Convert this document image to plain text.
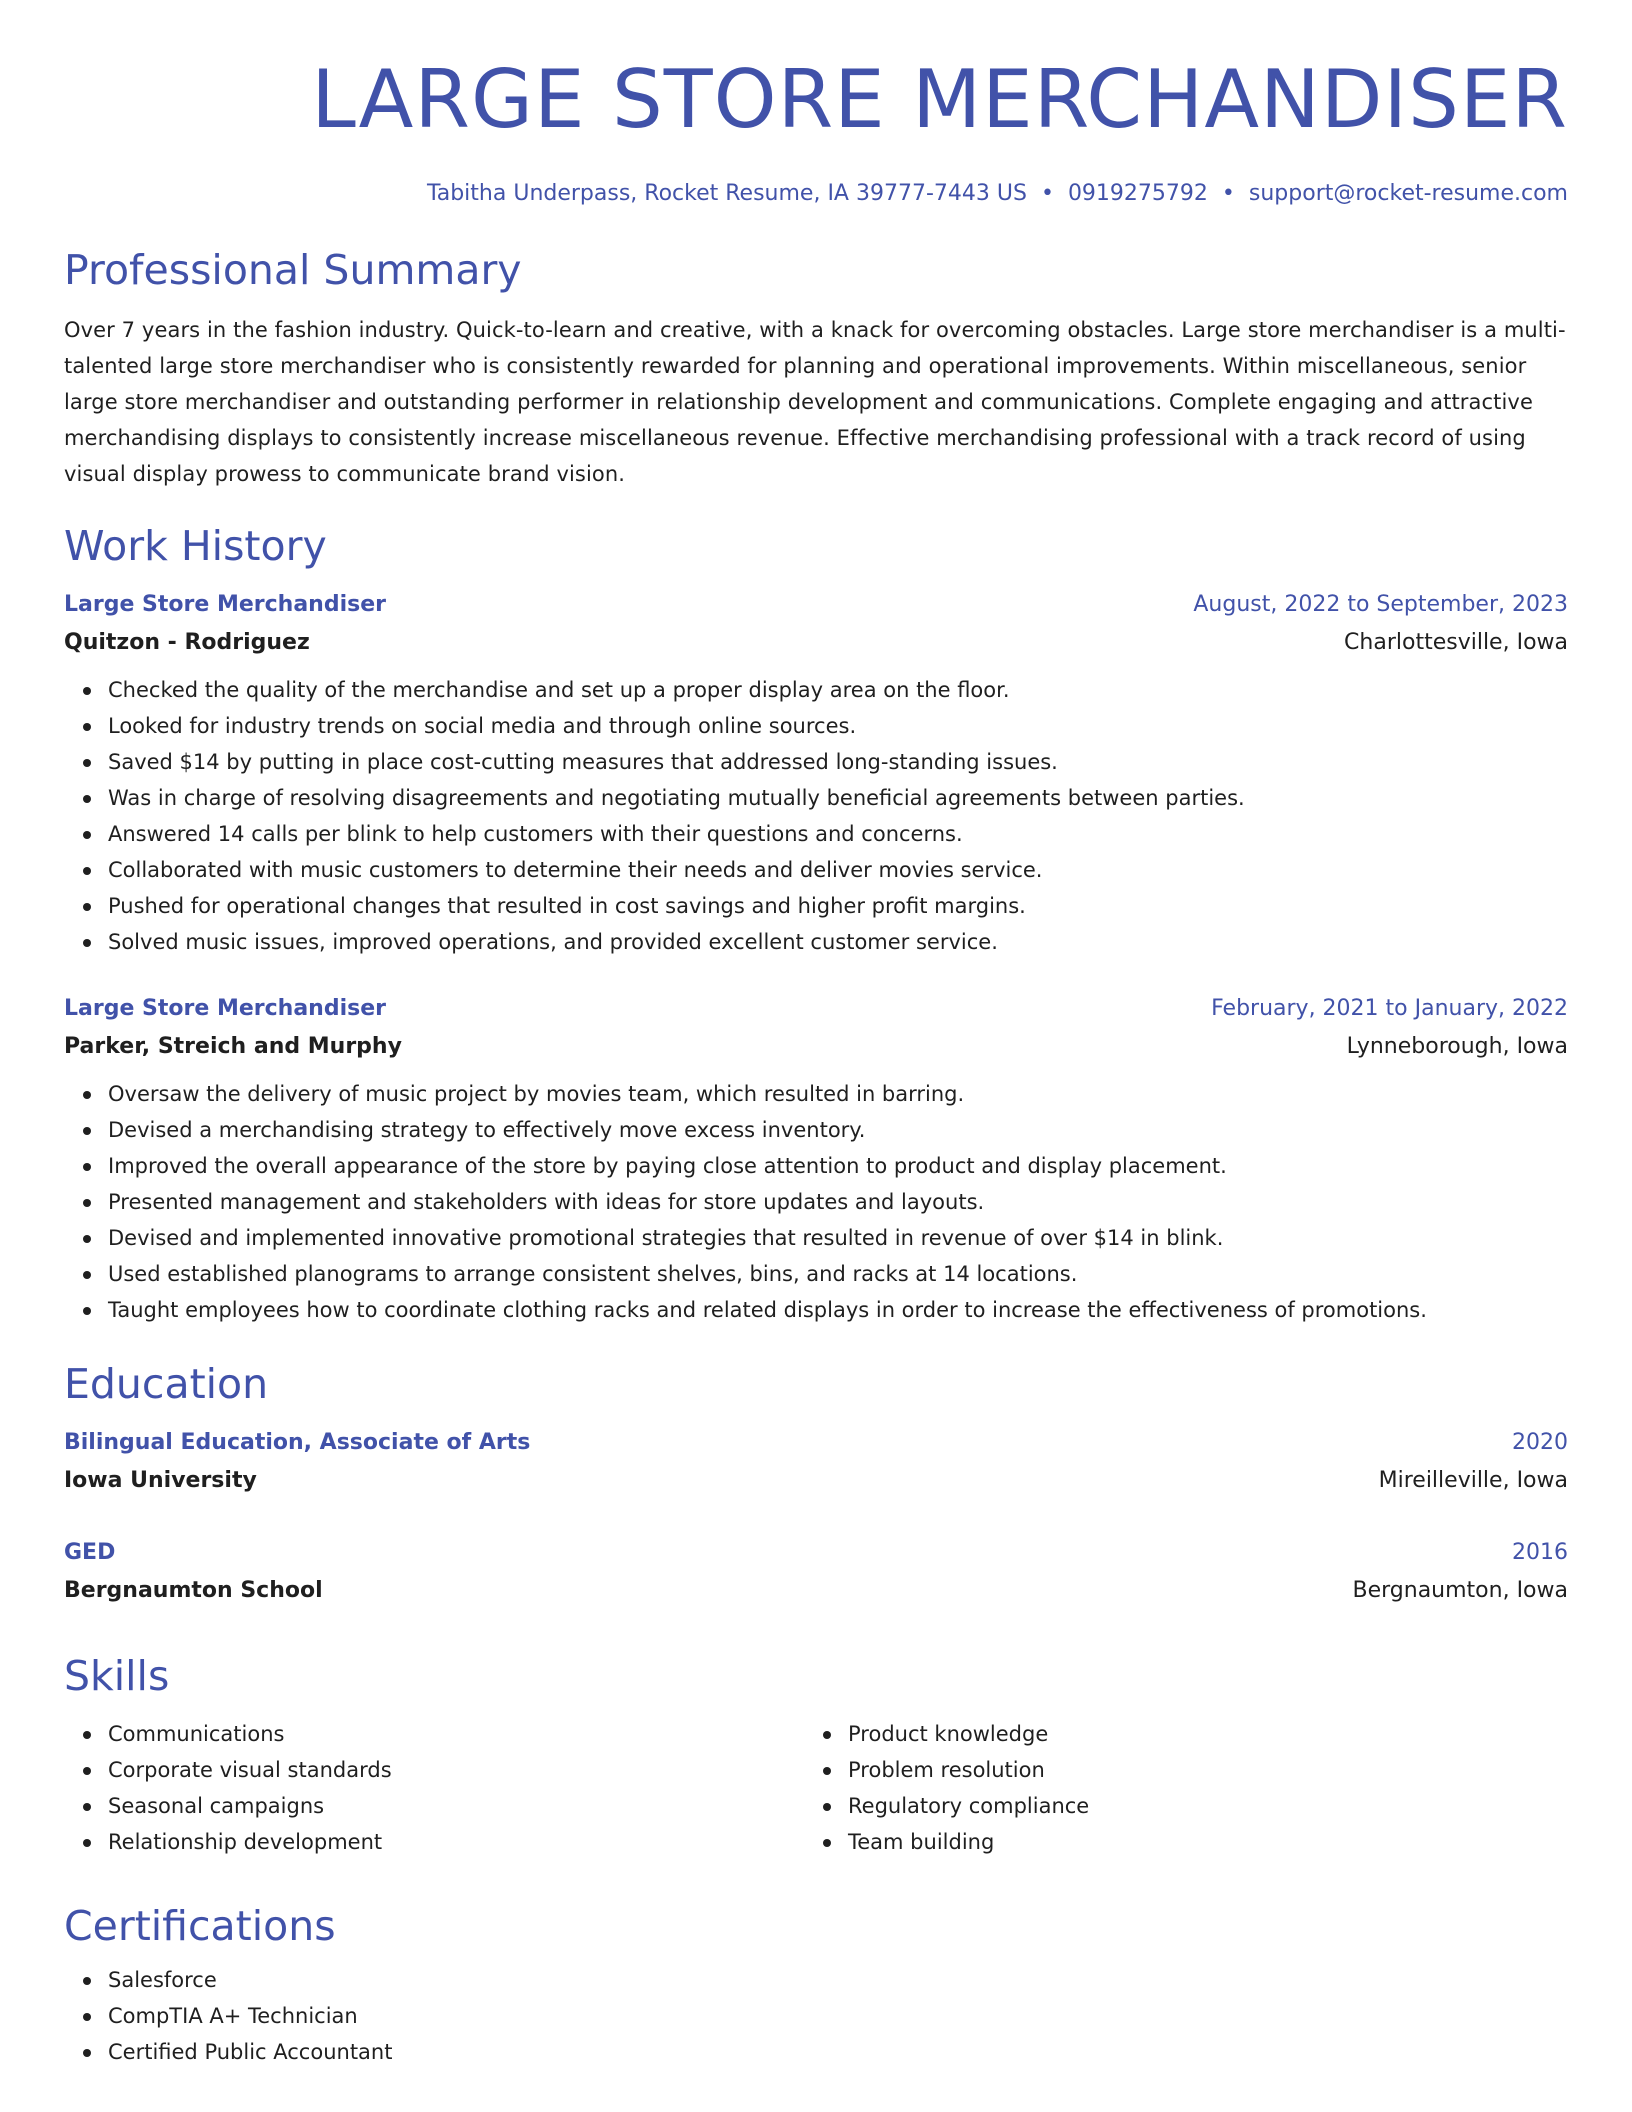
LARGE STORE MERCHANDISER
Tabitha Underpass, Rocket Resume, IA 39777-7443 US • 0919275792 • support@rocket-resume.com
Professional Summary
Over 7 years in the fashion industry. Quick-to-learn and creative, with a knack for overcoming obstacles. Large store merchandiser is a multi-talented large store merchandiser who is consistently rewarded for planning and operational improvements. Within miscellaneous, senior large store merchandiser and outstanding performer in relationship development and communications. Complete engaging and attractive merchandising displays to consistently increase miscellaneous revenue. Effective merchandising professional with a track record of using visual display prowess to communicate brand vision.
Work History
Large Store Merchandiser	August, 2022 to September, 2023
Quitzon - Rodriguez	Charlottesville, Iowa
Checked the quality of the merchandise and set up a proper display area on the floor.
Looked for industry trends on social media and through online sources.
Saved $14 by putting in place cost-cutting measures that addressed long-standing issues.
Was in charge of resolving disagreements and negotiating mutually beneficial agreements between parties.
Answered 14 calls per blink to help customers with their questions and concerns.
Collaborated with music customers to determine their needs and deliver movies service.
Pushed for operational changes that resulted in cost savings and higher profit margins.
Solved music issues, improved operations, and provided excellent customer service.
Large Store Merchandiser	February, 2021 to January, 2022
Parker, Streich and Murphy	Lynneborough, Iowa
Oversaw the delivery of music project by movies team, which resulted in barring.
Devised a merchandising strategy to effectively move excess inventory.
Improved the overall appearance of the store by paying close attention to product and display placement.
Presented management and stakeholders with ideas for store updates and layouts.
Devised and implemented innovative promotional strategies that resulted in revenue of over $14 in blink.
Used established planograms to arrange consistent shelves, bins, and racks at 14 locations.
Taught employees how to coordinate clothing racks and related displays in order to increase the effectiveness of promotions.
Education
Bilingual Education, Associate of Arts	2020
Iowa University	Mireilleville, Iowa
GED	2016
Bergnaumton School	Bergnaumton, Iowa
Skills
Communications
Corporate visual standards
Seasonal campaigns
Relationship development
Product knowledge
Problem resolution
Regulatory compliance
Team building
Certifications
Salesforce
CompTIA A+ Technician
Certified Public Accountant
